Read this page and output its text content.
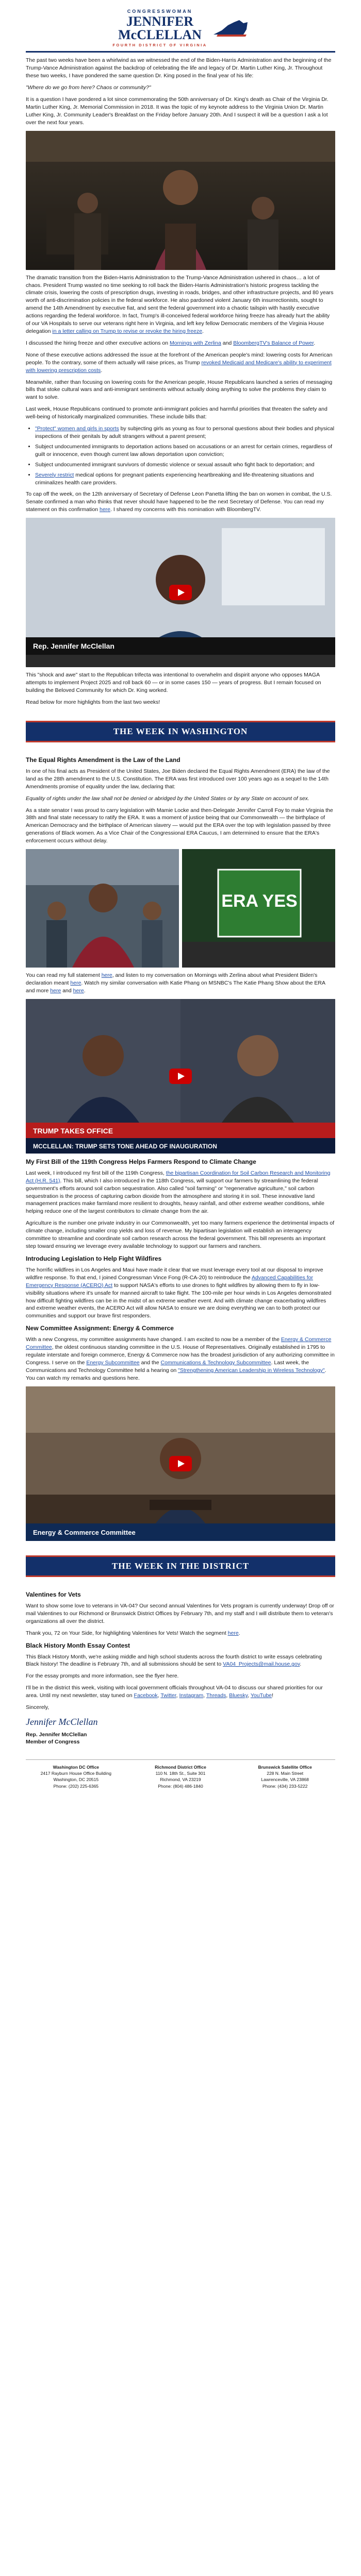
CONGRESSWOMAN
JENNIFER
McCLELLAN
FOURTH DISTRICT OF VIRGINIA

The past two weeks have been a whirlwind as we witnessed the end of the Biden-Harris Administration and the beginning of the Trump-Vance Administration against the backdrop of celebrating the life and legacy of Dr. Martin Luther King, Jr. Throughout these two weeks, I have pondered the same question Dr. King posed in the final year of his life:

"Where do we go from here? Chaos or community?"

It is a question I have pondered a lot since commemorating the 50th anniversary of Dr. King's death as Chair of the Virginia Dr. Martin Luther King, Jr. Memorial Commission in 2018. It was the topic of my keynote address to the Virginia Union Dr. Martin Luther King, Jr. Community Leader's Breakfast on the Friday before January 20th. And I suspect it will be a question I ask a lot over the next four years.

The dramatic transition from the Biden-Harris Administration to the Trump-Vance Administration ushered in chaos… a lot of chaos. President Trump wasted no time seeking to roll back the Biden-Harris Administration's historic progress tackling the climate crisis, lowering the costs of prescription drugs, investing in roads, bridges, and other infrastructure projects, and 80 years worth of anti-discrimination policies in the federal workforce. He also pardoned violent January 6th insurrectionists, sought to amend the 14th Amendment by executive fiat, and sent the federal government into a chaotic tailspin with hastily executive actions regarding the federal workforce. In fact, Trump's ill-conceived federal workforce hiring freeze has already hurt the ability of our VA Hospitals to serve our veterans right here in Virginia, and left key fellow Democratic members of the Virginia House delegation in a letter calling on Trump to revise or revoke the hiring freeze.

I discussed the hiring freeze and other executive actions on Mornings with Zerlina and BloombergTV's Balance of Power.

None of these executive actions addressed the issue at the forefront of the American people's mind: lowering costs for American people. To the contrary, some of them actually will raise prices, as Trump revoked Medicaid and Medicare's ability to experiment with lowering prescription costs.

Meanwhile, rather than focusing on lowering costs for the American people, House Republicans launched a series of messaging bills that stoke cultural wars and anti-immigrant sentiments without actually doing anything to solve the problems they claim to want to solve.

Last week, House Republicans continued to promote anti-immigrant policies and harmful priorities that threaten the safety and well-being of historically marginalized communities. These include bills that:

• "Protect" women and girls in sports by subjecting girls as young as four to personal questions about their bodies and physical inspections of their genitals by adult strangers without a parent present;
• Subject undocumented immigrants to deportation actions based on accusations or an arrest for certain crimes, regardless of guilt or innocence, even though current law allows deportation upon conviction;
• Subject undocumented immigrant survivors of domestic violence or sexual assault who fight back to deportation; and
• Severely restrict medical options for pregnant patients experiencing heartbreaking and life-threatening situations and criminalizes health care providers.

To cap off the week, on the 12th anniversary of Secretary of Defense Leon Panetta lifting the ban on women in combat, the U.S. Senate confirmed a man who thinks that never should have happened to be the next Secretary of Defense. You can read my statement on this confirmation here. I shared my concerns with this nomination with BloombergTV.

Rep. Jennifer McClellan

This "shock and awe" start to the Republican trifecta was intentional to overwhelm and dispirit anyone who opposes MAGA attempts to implement Project 2025 and roll back 60 — or in some cases 150 — years of progress. But I remain focused on building the Beloved Community for which Dr. King worked.

Read below for more highlights from the last two weeks!

THE WEEK IN WASHINGTON
The Equal Rights Amendment is the Law of the Land

In one of his final acts as President of the United States, Joe Biden declared the Equal Rights Amendment (ERA) the law of the land as the 28th amendment to the U.S. Constitution. The ERA was first introduced over 100 years ago as a sequel to the 14th Amendments promise of equality under the law, declaring that:

Equality of rights under the law shall not be denied or abridged by the United States or by any State on account of sex.

As a state senator I was proud to carry legislation with Mamie Locke and then-Delegate Jennifer Carroll Foy to make Virginia the 38th and final state necessary to ratify the ERA. It was a moment of justice being that our Commonwealth — the birthplace of American Democracy and the birthplace of American slavery — would put the ERA over the top with legislation passed by three generations of Black women. As a Vice Chair of the Congressional ERA Caucus, I am determined to ensure that the ERA's enforcement occurs without delay.

ERA YES

You can read my full statement here, and listen to my conversation on Mornings with Zerlina about what President Biden's declaration meant here. Watch my similar conversation with Katie Phang on MSNBC's The Katie Phang Show about the ERA and more here and here.

TRUMP TAKES OFFICE
MCCLELLAN: TRUMP SETS TONE AHEAD OF INAUGURATION
My First Bill of the 119th Congress Helps Farmers Respond to Climate Change

Last week, I introduced my first bill of the 119th Congress, the bipartisan Coordination for Soil Carbon Research and Monitoring Act (H.R. 541). This bill, which I also introduced in the 118th Congress, will support our farmers by streamlining the federal government's efforts around soil carbon sequestration. Also called "soil farming" or "regenerative agriculture," soil carbon sequestration is the process of capturing carbon dioxide from the atmosphere and storing it in soil. These innovative land management practices make farmland more resilient to droughts, heavy rainfall, and other extreme weather conditions, while helping reduce one of the largest contributors to climate change from the air.

Agriculture is the number one private industry in our Commonwealth, yet too many farmers experience the detrimental impacts of climate change, including smaller crop yields and loss of revenue. My bipartisan legislation will establish an interagency committee to streamline and coordinate soil carbon research across the federal government. This bill represents an important step toward ensuring we leverage every available technology to support our farmers and ranchers.

Introducing Legislation to Help Fight Wildfires

The horrific wildfires in Los Angeles and Maui have made it clear that we must leverage every tool at our disposal to improve wildfire response. To that end, I joined Congressman Vince Fong (R-CA-20) to reintroduce the Advanced Capabilities for Emergency Response (ACERO) Act to support NASA's efforts to use drones to fight wildfires by allowing them to fly in low-visibility situations where it's unsafe for manned aircraft to take flight. The 100-mile per hour winds in Los Angeles demonstrated how difficult fighting wildfires can be in the midst of an extreme weather event. And with climate change exacerbating wildfires and extreme weather events, the ACERO Act will allow NASA to ensure we are doing everything we can to both protect our communities and support our brave first responders.

New Committee Assignment: Energy & Commerce

With a new Congress, my committee assignments have changed. I am excited to now be a member of the Energy & Commerce Committee, the oldest continuous standing committee in the U.S. House of Representatives. Originally established in 1795 to regulate interstate and foreign commerce, Energy & Commerce now has the broadest jurisdiction of any authorizing committee in Congress. I serve on the Energy Subcommittee and the Communications & Technology Subcommittee. Last week, the Communications and Technology Committee held a hearing on "Strengthening American Leadership in Wireless Technology". You can watch my remarks and questions here.

Energy & Commerce Committee
THE WEEK IN THE DISTRICT
Valentines for Vets

Want to show some love to veterans in VA-04? Our second annual Valentines for Vets program is currently underway! Drop off or mail Valentines to our Richmond or Brunswick District Offices by February 7th, and my staff and I will distribute them to veteran's organizations all over the district.

Thank you, 72 on Your Side, for highlighting Valentines for Vets! Watch the segment here.

Black History Month Essay Contest

This Black History Month, we're asking middle and high school students across the fourth district to write essays celebrating Black history! The deadline is February 7th, and all submissions should be sent to VA04_Projects@mail.house.gov.

For the essay prompts and more information, see the flyer here.

I'll be in the district this week, visiting with local government officials throughout VA-04 to discuss our shared priorities for our area. Until my next newsletter, stay tuned on Facebook, Twitter, Instagram, Threads, Bluesky, YouTube!

Sincerely,

Jennifer McClellan

Rep. Jennifer McClellan
Member of Congress

Washington DC Office
2417 Rayburn House Office Building
Washington, DC 20515
Phone: (202) 225-6365
Richmond District Office
110 N. 18th St., Suite 301
Richmond, VA 23219
Phone: (804) 486-1840
Brunswick Satellite Office
228 N. Main Street
Lawrenceville, VA 23868
Phone: (434) 233-5222
